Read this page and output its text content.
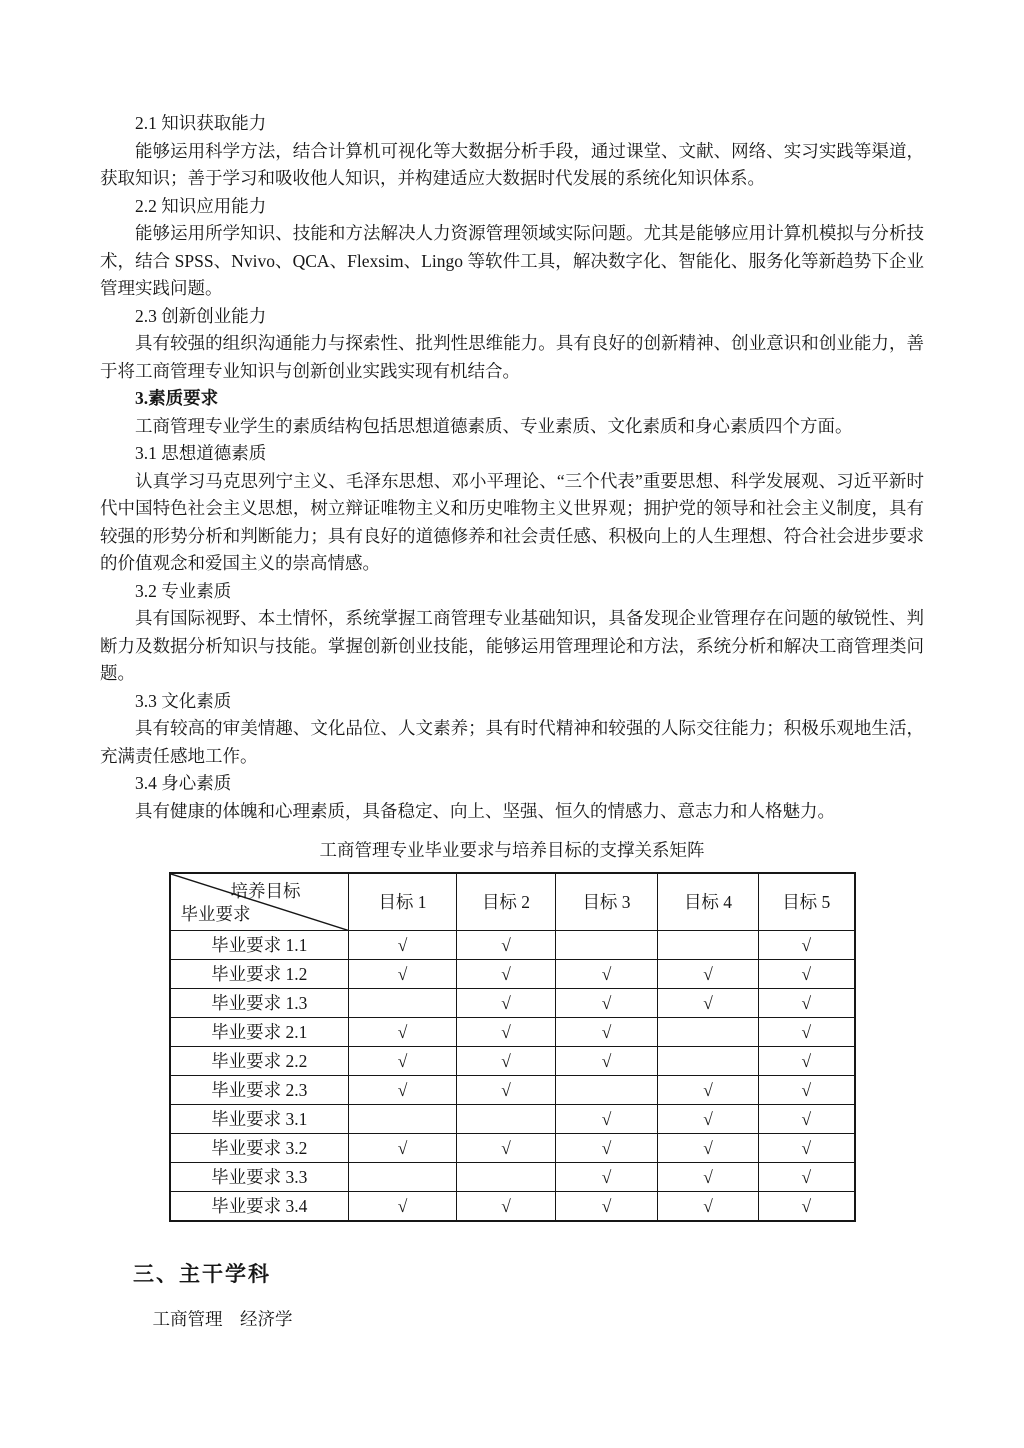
2.1 知识获取能力

能够运用科学方法，结合计算机可视化等大数据分析手段，通过课堂、文献、网络、实习实践等渠道，获取知识；善于学习和吸收他人知识，并构建适应大数据时代发展的系统化知识体系。

2.2 知识应用能力

能够运用所学知识、技能和方法解决人力资源管理领域实际问题。尤其是能够应用计算机模拟与分析技术，结合 SPSS、Nvivo、QCA、Flexsim、Lingo 等软件工具，解决数字化、智能化、服务化等新趋势下企业管理实践问题。

2.3 创新创业能力

具有较强的组织沟通能力与探索性、批判性思维能力。具有良好的创新精神、创业意识和创业能力，善于将工商管理专业知识与创新创业实践实现有机结合。

3.素质要求

工商管理专业学生的素质结构包括思想道德素质、专业素质、文化素质和身心素质四个方面。

3.1 思想道德素质

认真学习马克思列宁主义、毛泽东思想、邓小平理论、“三个代表”重要思想、科学发展观、习近平新时代中国特色社会主义思想，树立辩证唯物主义和历史唯物主义世界观；拥护党的领导和社会主义制度，具有较强的形势分析和判断能力；具有良好的道德修养和社会责任感、积极向上的人生理想、符合社会进步要求的价值观念和爱国主义的崇高情感。

3.2 专业素质

具有国际视野、本土情怀，系统掌握工商管理专业基础知识，具备发现企业管理存在问题的敏锐性、判断力及数据分析知识与技能。掌握创新创业技能，能够运用管理理论和方法，系统分析和解决工商管理类问题。

3.3 文化素质

具有较高的审美情趣、文化品位、人文素养；具有时代精神和较强的人际交往能力；积极乐观地生活，充满责任感地工作。

3.4 身心素质

具有健康的体魄和心理素质，具备稳定、向上、坚强、恒久的情感力、意志力和人格魅力。

工商管理专业毕业要求与培养目标的支撑关系矩阵
培养目标
毕业要求	目标 1	目标 2	目标 3	目标 4	目标 5
毕业要求 1.1	√	√			√
毕业要求 1.2	√	√	√	√	√
毕业要求 1.3		√	√	√	√
毕业要求 2.1	√	√	√		√
毕业要求 2.2	√	√	√		√
毕业要求 2.3	√	√		√	√
毕业要求 3.1			√	√	√
毕业要求 3.2	√	√	√	√	√
毕业要求 3.3			√	√	√
毕业要求 3.4	√	√	√	√	√
三、主干学科

工商管理　经济学
